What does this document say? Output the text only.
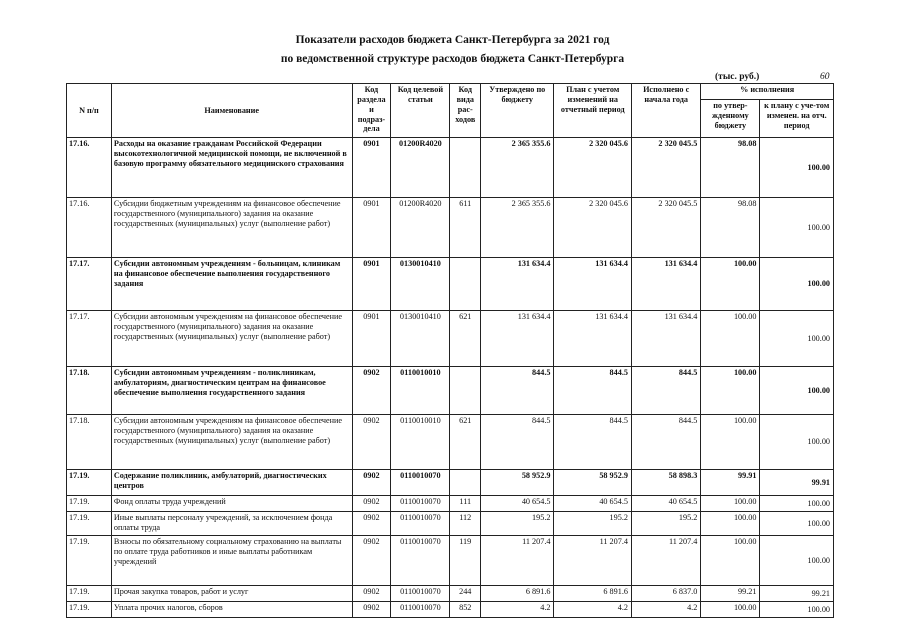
Показатели расходов бюджета Санкт-Петербурга за 2021 год
по ведомственной структуре расходов бюджета Санкт-Петербурга
(тыс. руб.)	60
N п/п	Наименование	Код раздела и подраз-дела	Код целевой статьи	Код вида рас-ходов	Утверждено по бюджету	План с учетом изменений на отчетный период	Исполнено с начала года	% исполнения	
								по утвер-жденному бюджету	к плану с уче-том изменен. на отч. период
17.16.	Расходы на оказание гражданам Российской Федерации высокотехнологичной медицинской помощи, не включенной в базовую программу обязательного медицинского страхования	0901	01200R4020		2 365 355.6	2 320 045.6	2 320 045.5	98.08	100.00
17.16.	Субсидии бюджетным учреждениям на финансовое обеспечение государственного (муниципального) задания на оказание государственных (муниципальных) услуг (выполнение работ)	0901	01200R4020	611	2 365 355.6	2 320 045.6	2 320 045.5	98.08	100.00
17.17.	Субсидии автономным учреждениям - больницам, клиникам на финансовое обеспечение выполнения государственного задания	0901	0130010410		131 634.4	131 634.4	131 634.4	100.00	100.00
17.17.	Субсидии автономным учреждениям на финансовое обеспечение государственного (муниципального) задания на оказание государственных (муниципальных) услуг (выполнение работ)	0901	0130010410	621	131 634.4	131 634.4	131 634.4	100.00	100.00
17.18.	Субсидии автономным учреждениям - поликлиникам, амбулаториям, диагностическим центрам на финансовое обеспечение выполнения государственного задания	0902	0110010010		844.5	844.5	844.5	100.00	100.00
17.18.	Субсидии автономным учреждениям на финансовое обеспечение государственного (муниципального) задания на оказание государственных (муниципальных) услуг (выполнение работ)	0902	0110010010	621	844.5	844.5	844.5	100.00	100.00
17.19.	Содержание поликлиник, амбулаторий, диагностических центров	0902	0110010070		58 952.9	58 952.9	58 898.3	99.91	99.91
17.19.	Фонд оплаты труда учреждений	0902	0110010070	111	40 654.5	40 654.5	40 654.5	100.00	100.00
17.19.	Иные выплаты персоналу учреждений, за исключением фонда оплаты труда	0902	0110010070	112	195.2	195.2	195.2	100.00	100.00
17.19.	Взносы по обязательному социальному страхованию на выплаты по оплате труда работников и иные выплаты работникам учреждений	0902	0110010070	119	11 207.4	11 207.4	11 207.4	100.00	100.00
17.19.	Прочая закупка товаров, работ и услуг	0902	0110010070	244	6 891.6	6 891.6	6 837.0	99.21	99.21
17.19.	Уплата прочих налогов, сборов	0902	0110010070	852	4.2	4.2	4.2	100.00	100.00
